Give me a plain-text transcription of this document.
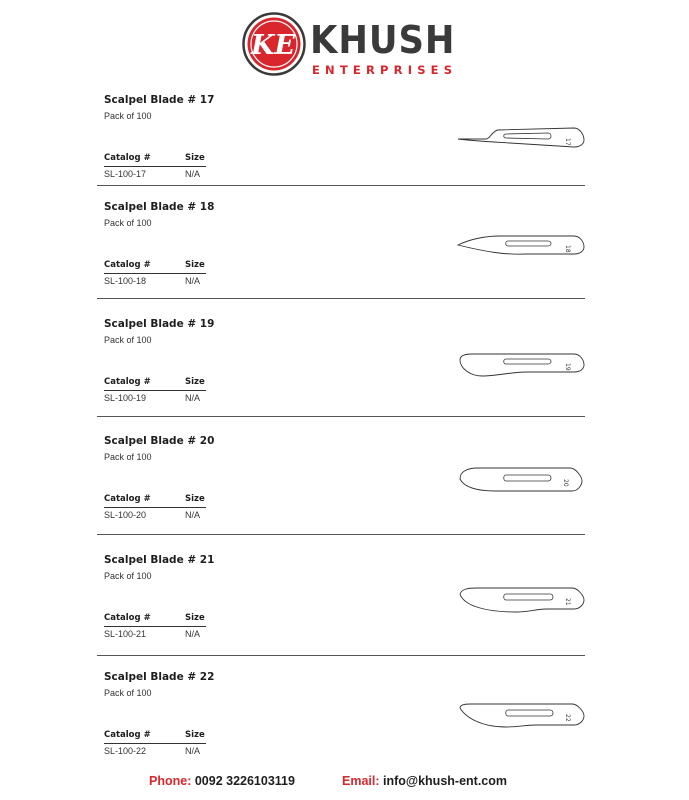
KE KHUSH
ENTERPRISES
Scalpel Blade # 17
Pack of 100
Catalog #	Size
SL-100-17	N/A
17
Scalpel Blade # 18
Pack of 100
Catalog #	Size
SL-100-18	N/A
18
Scalpel Blade # 19
Pack of 100
Catalog #	Size
SL-100-19	N/A
19
Scalpel Blade # 20
Pack of 100
Catalog #	Size
SL-100-20	N/A
20
Scalpel Blade # 21
Pack of 100
Catalog #	Size
SL-100-21	N/A
21
Scalpel Blade # 22
Pack of 100
Catalog #	Size
SL-100-22	N/A
22
Phone: 0092 3226103119	Email: info@khush-ent.com
